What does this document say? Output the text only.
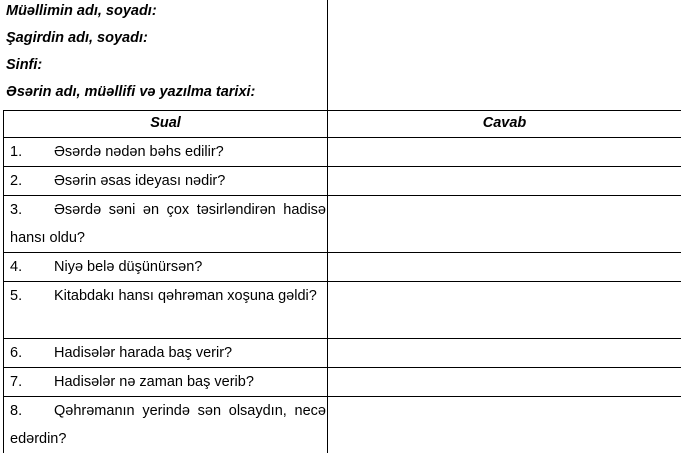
Müəllimin adı, soyadı:
Şagirdin adı, soyadı:
Sinfi:
Əsərin adı, müəllifi və yazılma tarixi:
Sual	Cavab
1. Əsərdə nədən bəhs edilir?	
2. Əsərin əsas ideyası nədir?	
3. Əsərdə səni ən çox təsirləndirən hadisə hansı oldu?	
4. Niyə belə düşünürsən?	
5. Kitabdakı hansı qəhrəman xoşuna gəldi?	
6. Hadisələr harada baş verir?	
7. Hadisələr nə zaman baş verib?	
8. Qəhrəmanın yerində sən olsaydın, necə edərdin?	
